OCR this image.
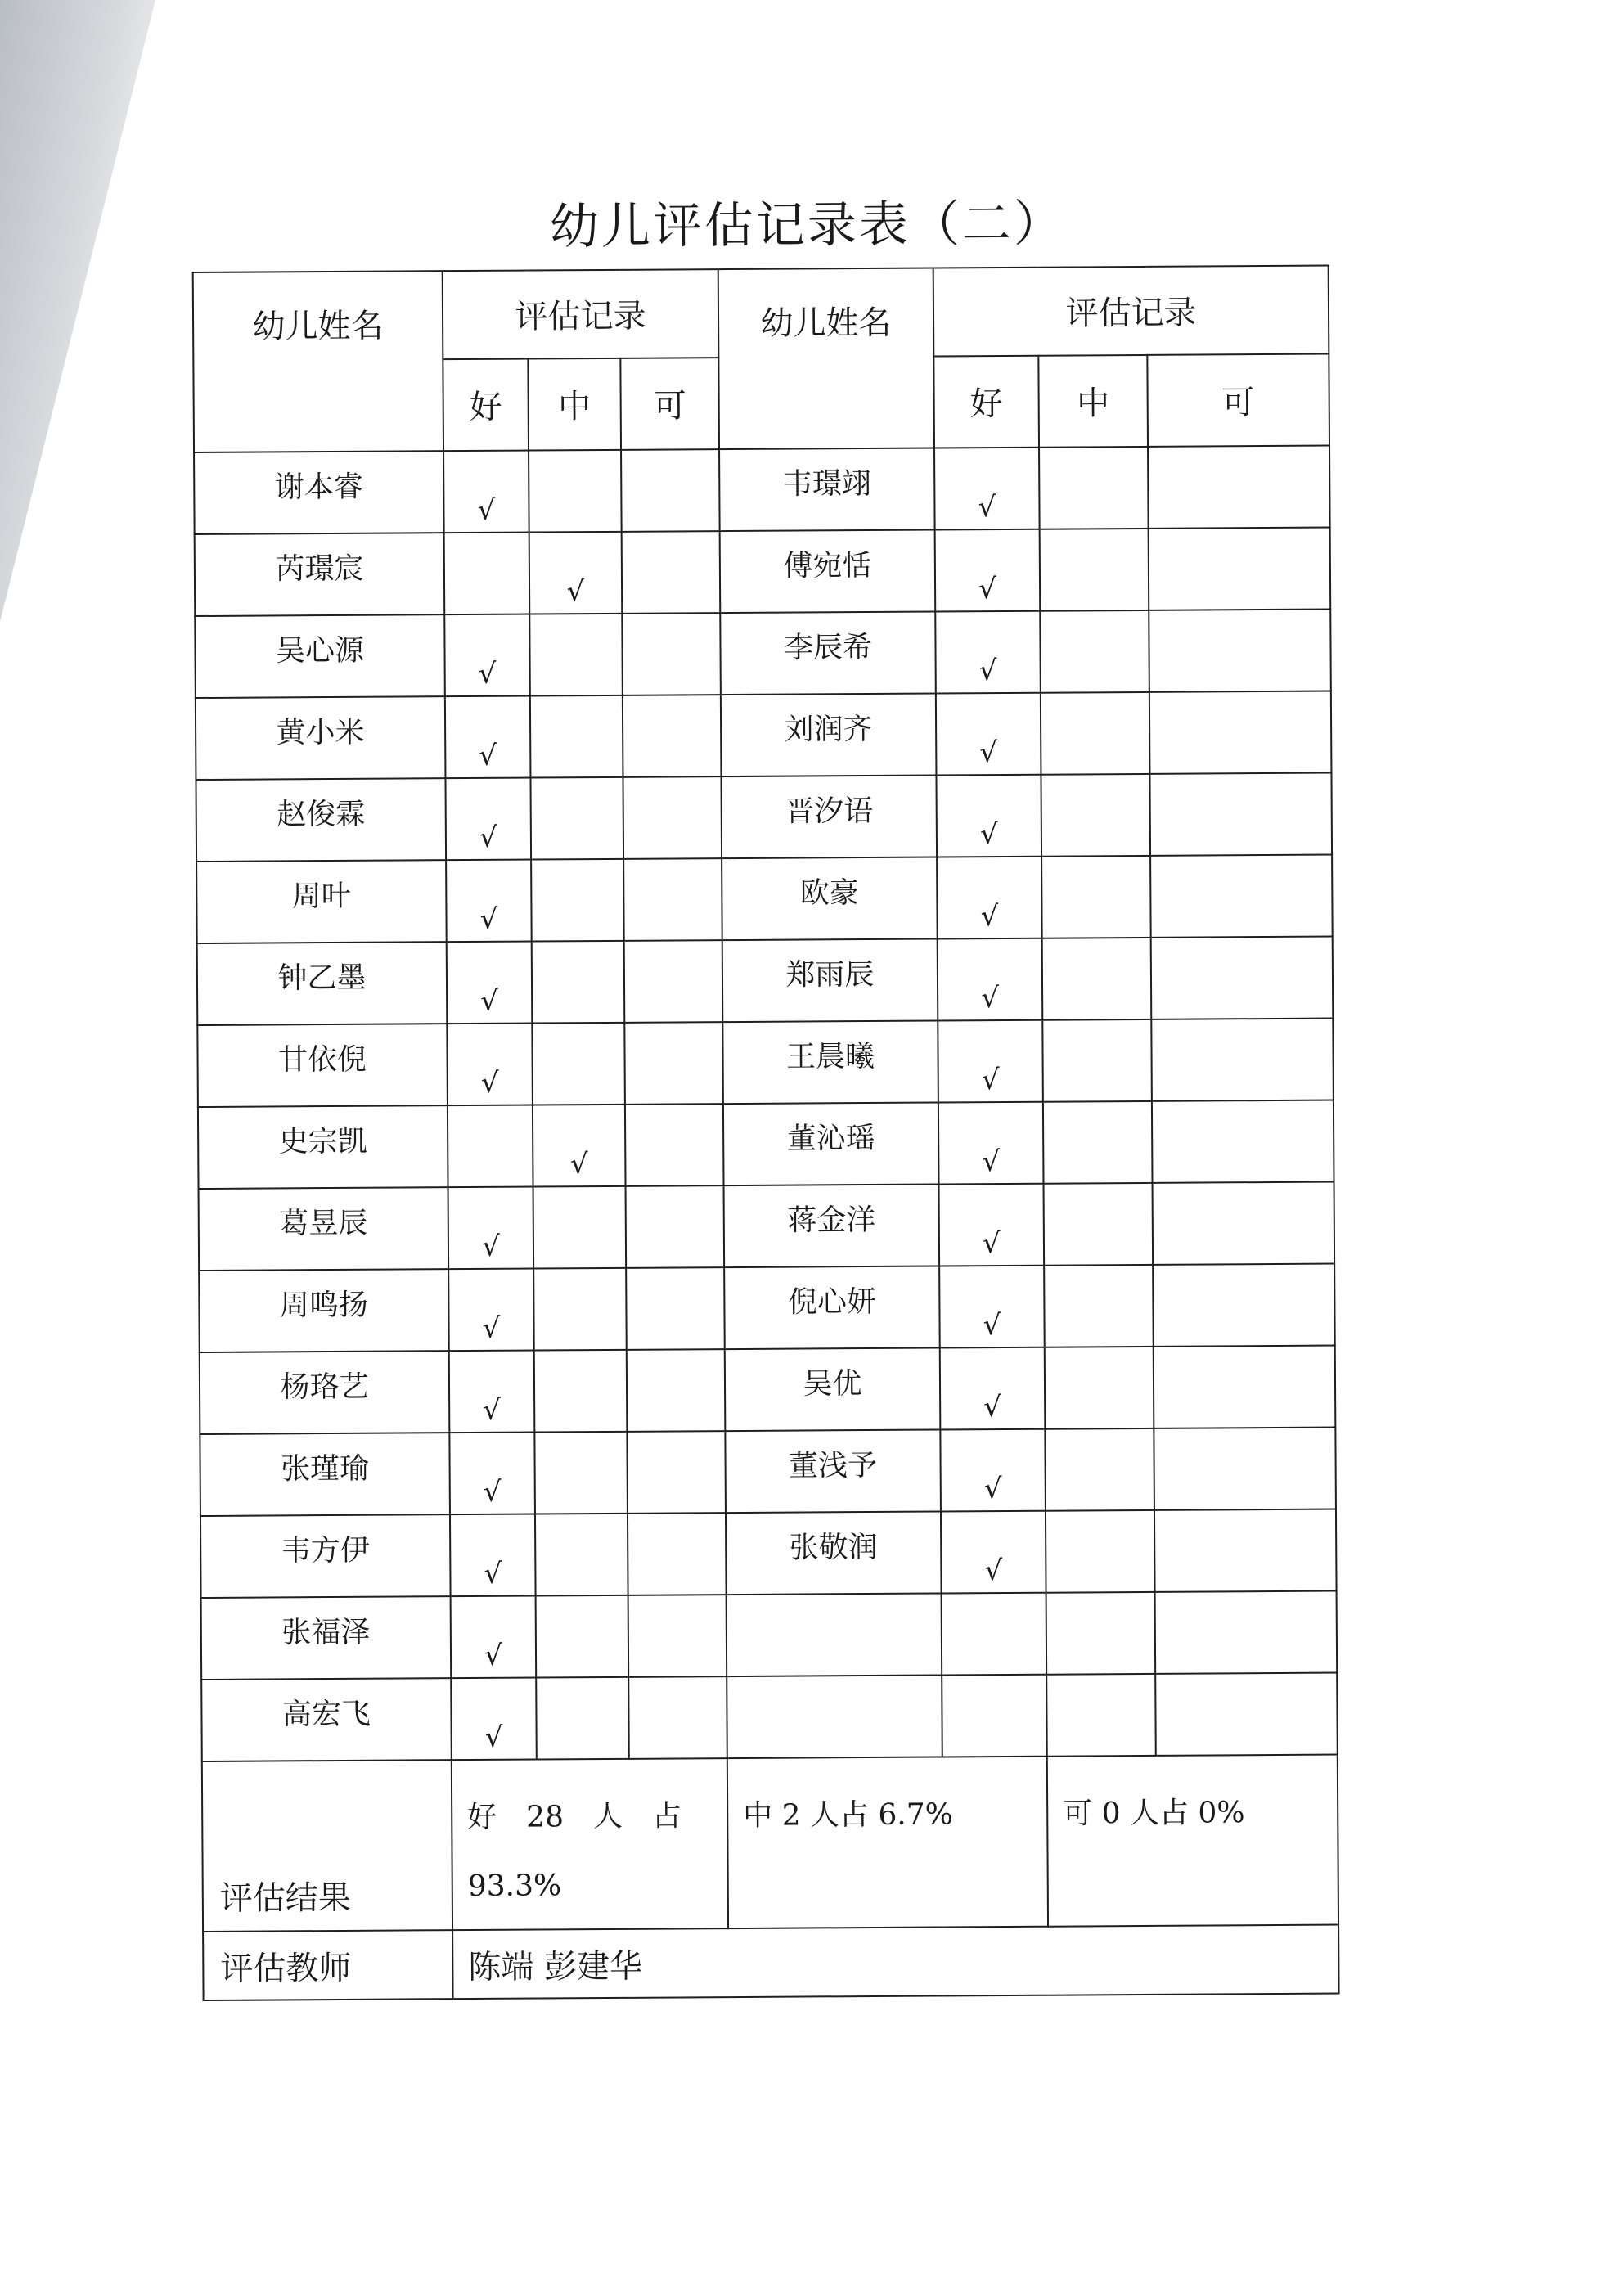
幼儿评估记录表（二）
幼儿姓名	评估记录			幼儿姓名	评估记录		
	好	中	可		好	中	可
谢本睿	√			韦璟翊	√		
芮璟宸		√		傅宛恬	√		
吴心源	√			李辰希	√		
黄小米	√			刘润齐	√		
赵俊霖	√			晋汐语	√		
周叶	√			欧豪	√		
钟乙墨	√			郑雨辰	√		
甘依倪	√			王晨曦	√		
史宗凯		√		董沁瑶	√		
葛昱辰	√			蒋金洋	√		
周鸣扬	√			倪心妍	√		
杨珞艺	√			吴优	√		
张瑾瑜	√			董浅予	√		
韦方伊	√			张敬润	√		
张福泽	√						
高宏飞	√						
评估结果	好　28　人　占　93.3%			中 2 人占 6.7%		可 0 人占 0%	
评估教师	陈端 彭建华						
